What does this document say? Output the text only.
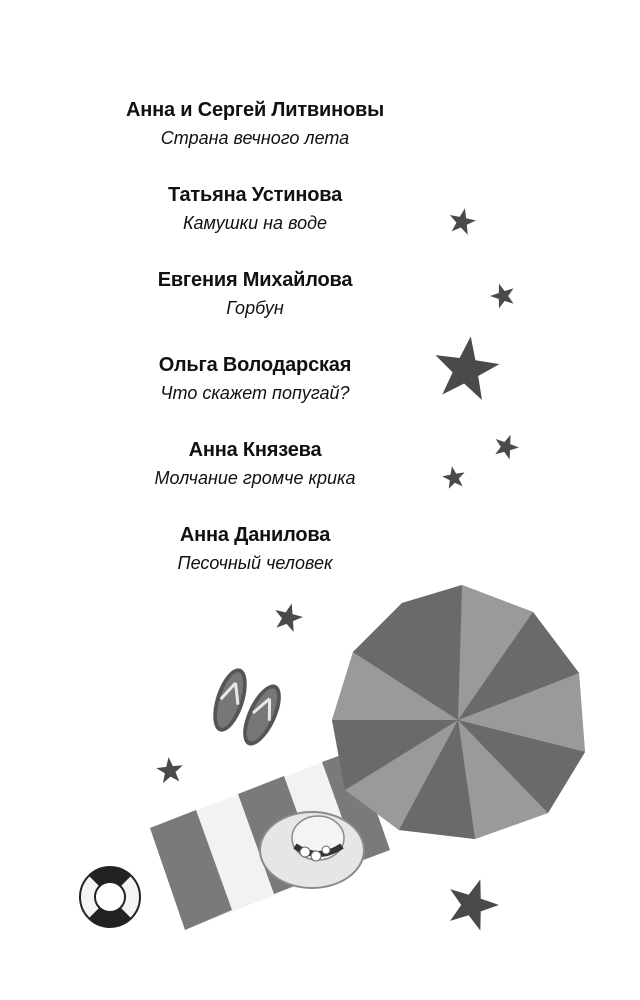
Анна и Сергей Литвиновы
Страна вечного лета
Татьяна Устинова
Камушки на воде
Евгения Михайлова
Горбун
Ольга Володарская
Что скажет попугай?
Анна Князева
Молчание громче крика
Анна Данилова
Песочный человек
